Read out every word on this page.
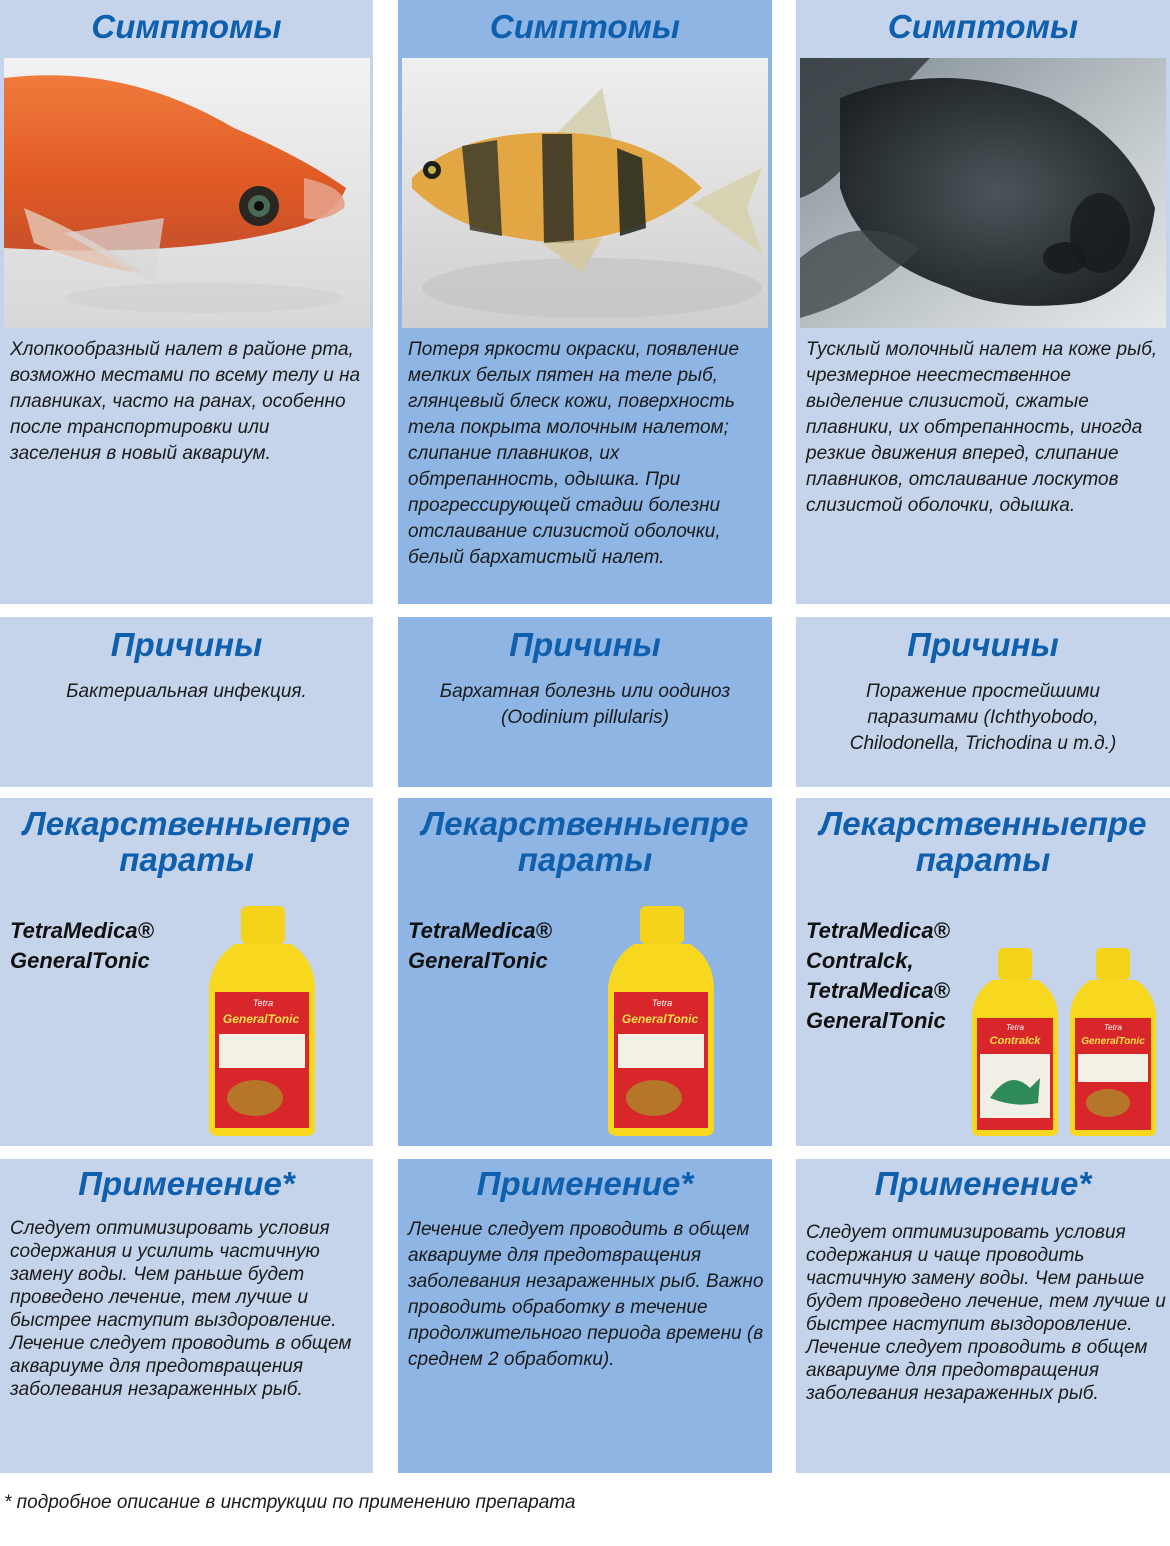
Симптомы
Хлопкообразный налет в районе рта, возможно местами по всему телу и на плавниках, часто на ранах, особенно после транспортировки или заселения в новый аквариум.
Симптомы
Потеря яркости окраски, появление мелких белых пятен на теле рыб, глянцевый блеск кожи, поверхность тела покрыта молочным налетом; слипание плавников, их обтрепанность, одышка. При прогрессирующей стадии болезни отслаивание слизистой оболочки, белый бархатистый налет.
Симптомы
Тусклый молочный налет на коже рыб, чрезмерное неестественное выделение слизистой, сжатые плавники, их обтрепанность, иногда резкие движения вперед, слипание плавников, отслаивание лоскутов слизистой оболочки, одышка.
Причины
Бактериальная инфекция.
Причины
Бархатная болезнь или оодиноз (Oodinium pillularis)
Причины
Поражение простейшими паразитами (Ichthyobodo, Chilodonella, Trichodina и т.д.)
Лекарственныепре параты
TetraMedica®
GeneralTonic
Tetra
GeneralTonic
Лекарственныепре параты
TetraMedica®
GeneralTonic
Tetra
GeneralTonic
Лекарственныепре параты
TetraMedica®
ContraIck,
TetraMedica®
GeneralTonic	Tetra
ContraIck
Tetra
GeneralTonic
Применение*
Следует оптимизировать условия содержания и усилить частичную замену воды. Чем раньше будет проведено лечение, тем лучше и быстрее наступит выздоровление. Лечение следует проводить в общем аквариуме для предотвращения заболевания незараженных рыб.
Применение*
Лечение следует проводить в общем аквариуме для предотвращения заболевания незараженных рыб. Важно проводить обработку в течение продолжительного периода времени (в среднем 2 обработки).
Применение*
Следует оптимизировать условия содержания и чаще проводить частичную замену воды. Чем раньше будет проведено лечение, тем лучше и быстрее наступит выздоровление. Лечение следует проводить в общем аквариуме для предотвращения заболевания незараженных рыб.
* подробное описание в инструкции по применению препарата
